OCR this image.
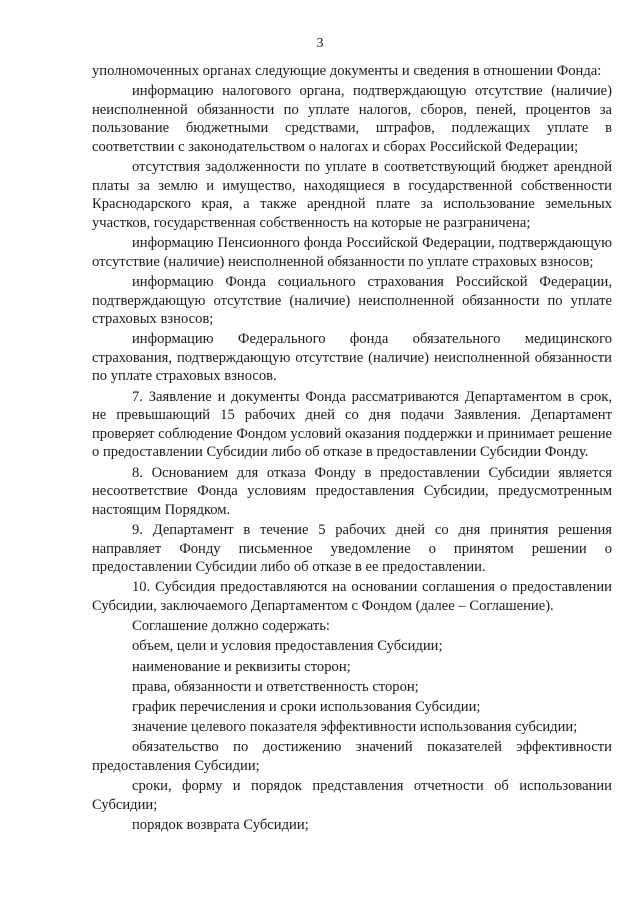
3

уполномоченных органах следующие документы и сведения в отношении Фонда:

информацию налогового органа, подтверждающую отсутствие (наличие) неисполненной обязанности по уплате налогов, сборов, пеней, процентов за пользование бюджетными средствами, штрафов, подлежащих уплате в соответствии с законодательством о налогах и сборах Российской Федерации;

отсутствия задолженности по уплате в соответствующий бюджет арендной платы за землю и имущество, находящиеся в государственной собственности Краснодарского края, а также арендной плате за использование земельных участков, государственная собственность на которые не разграничена;

информацию Пенсионного фонда Российской Федерации, подтверждающую отсутствие (наличие) неисполненной обязанности по уплате страховых взносов;

информацию Фонда социального страхования Российской Федерации, подтверждающую отсутствие (наличие) неисполненной обязанности по уплате страховых взносов;

информацию Федерального фонда обязательного медицинского страхования, подтверждающую отсутствие (наличие) неисполненной обязанности по уплате страховых взносов.

7. Заявление и документы Фонда рассматриваются Департаментом в срок, не превышающий 15 рабочих дней со дня подачи Заявления. Департамент проверяет соблюдение Фондом условий оказания поддержки и принимает решение о предоставлении Субсидии либо об отказе в предоставлении Субсидии Фонду.

8. Основанием для отказа Фонду в предоставлении Субсидии является несоответствие Фонда условиям предоставления Субсидии, предусмотренным настоящим Порядком.

9. Департамент в течение 5 рабочих дней со дня принятия решения направляет Фонду письменное уведомление о принятом решении о предоставлении Субсидии либо об отказе в ее предоставлении.

10. Субсидия предоставляются на основании соглашения о предоставлении Субсидии, заключаемого Департаментом с Фондом (далее – Соглашение).

Соглашение должно содержать:

объем, цели и условия предоставления Субсидии;

наименование и реквизиты сторон;

права, обязанности и ответственность сторон;

график перечисления и сроки использования Субсидии;

значение целевого показателя эффективности использования субсидии;

обязательство по достижению значений показателей эффективности предоставления Субсидии;

сроки, форму и порядок представления отчетности об использовании Субсидии;

порядок возврата Субсидии;
